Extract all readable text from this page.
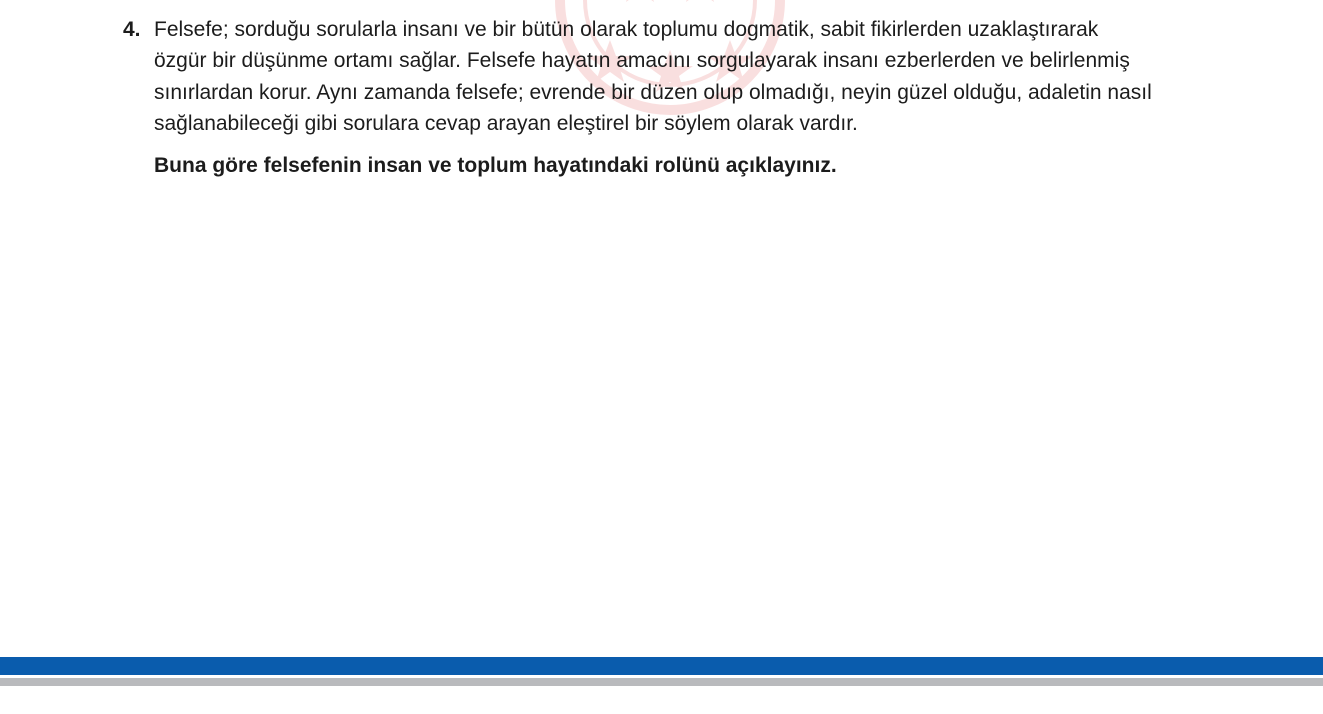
4. Felsefe; sorduğu sorularla insanı ve bir bütün olarak toplumu dogmatik, sabit fikirlerden uzaklaştırarak
özgür bir düşünme ortamı sağlar. Felsefe hayatın amacını sorgulayarak insanı ezberlerden ve belirlenmiş
sınırlardan korur. Aynı zamanda felsefe; evrende bir düzen olup olmadığı, neyin güzel olduğu, adaletin nasıl
sağlanabileceği gibi sorulara cevap arayan eleştirel bir söylem olarak vardır.
Buna göre felsefenin insan ve toplum hayatındaki rolünü açıklayınız.
